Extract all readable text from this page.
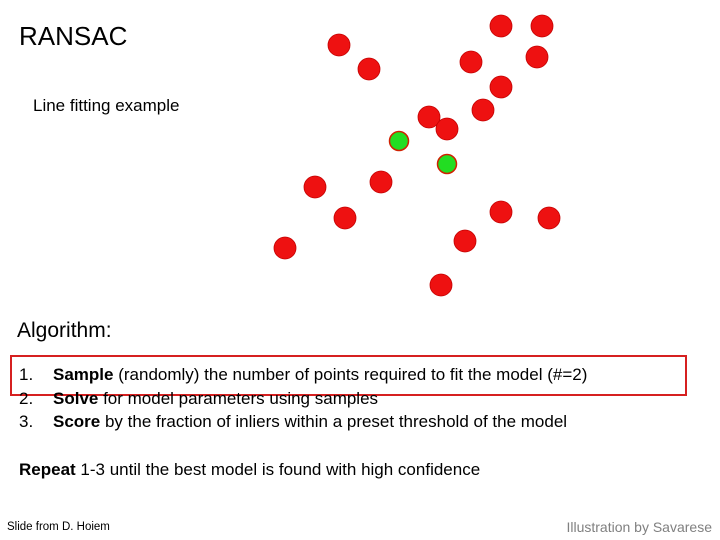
RANSAC
Line fitting example
Algorithm:
1. Sample (randomly) the number of points required to fit the model (#=2)
2. Solve for model parameters using samples
3. Score by the fraction of inliers within a preset threshold of the model
Repeat 1-3 until the best model is found with high confidence
Slide from D. Hoiem	Illustration by Savarese
